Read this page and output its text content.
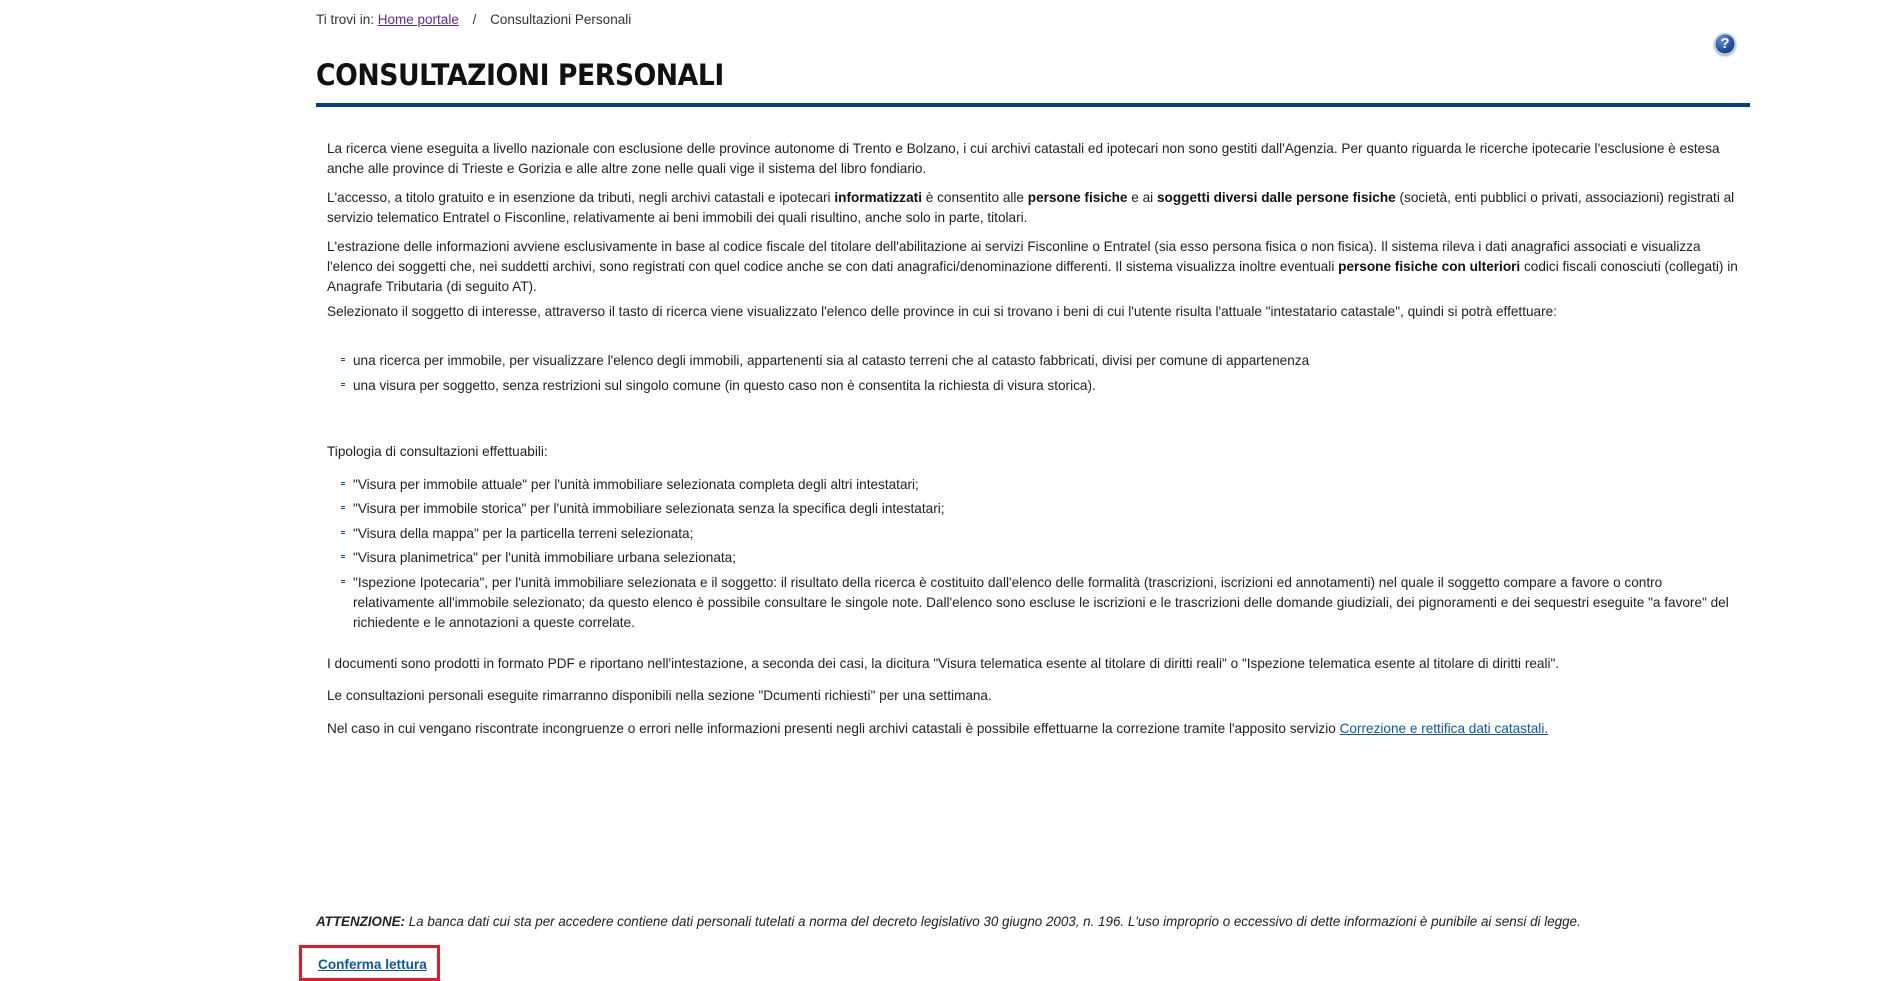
Ti trovi in: Home portale / Consultazioni Personali
?
CONSULTAZIONI PERSONALI
La ricerca viene eseguita a livello nazionale con esclusione delle province autonome di Trento e Bolzano, i cui archivi catastali ed ipotecari non sono gestiti dall'Agenzia. Per quanto riguarda le ricerche ipotecarie l'esclusione è estesa anche alle province di Trieste e Gorizia e alle altre zone nelle quali vige il sistema del libro fondiario.
L'accesso, a titolo gratuito e in esenzione da tributi, negli archivi catastali e ipotecari informatizzati è consentito alle persone fisiche e ai soggetti diversi dalle persone fisiche (società, enti pubblici o privati, associazioni) registrati al servizio telematico Entratel o Fisconline, relativamente ai beni immobili dei quali risultino, anche solo in parte, titolari.
L'estrazione delle informazioni avviene esclusivamente in base al codice fiscale del titolare dell'abilitazione ai servizi Fisconline o Entratel (sia esso persona fisica o non fisica). Il sistema rileva i dati anagrafici associati e visualizza l'elenco dei soggetti che, nei suddetti archivi, sono registrati con quel codice anche se con dati anagrafici/denominazione differenti. Il sistema visualizza inoltre eventuali persone fisiche con ulteriori codici fiscali conosciuti (collegati) in Anagrafe Tributaria (di seguito AT).
Selezionato il soggetto di interesse, attraverso il tasto di ricerca viene visualizzato l'elenco delle province in cui si trovano i beni di cui l'utente risulta l'attuale "intestatario catastale", quindi si potrà effettuare:
una ricerca per immobile, per visualizzare l'elenco degli immobili, appartenenti sia al catasto terreni che al catasto fabbricati, divisi per comune di appartenenza
una visura per soggetto, senza restrizioni sul singolo comune (in questo caso non è consentita la richiesta di visura storica).
Tipologia di consultazioni effettuabili:
"Visura per immobile attuale" per l'unità immobiliare selezionata completa degli altri intestatari;
"Visura per immobile storica" per l'unità immobiliare selezionata senza la specifica degli intestatari;
"Visura della mappa" per la particella terreni selezionata;
"Visura planimetrica" per l'unità immobiliare urbana selezionata;
"Ispezione Ipotecaria", per l'unità immobiliare selezionata e il soggetto: il risultato della ricerca è costituito dall'elenco delle formalità (trascrizioni, iscrizioni ed annotamenti) nel quale il soggetto compare a favore o contro relativamente all'immobile selezionato; da questo elenco è possibile consultare le singole note. Dall'elenco sono escluse le iscrizioni e le trascrizioni delle domande giudiziali, dei pignoramenti e dei sequestri eseguite "a favore" del richiedente e le annotazioni a queste correlate.
I documenti sono prodotti in formato PDF e riportano nell'intestazione, a seconda dei casi, la dicitura "Visura telematica esente al titolare di diritti reali" o "Ispezione telematica esente al titolare di diritti reali".
Le consultazioni personali eseguite rimarranno disponibili nella sezione "Dcumenti richiesti" per una settimana.
Nel caso in cui vengano riscontrate incongruenze o errori nelle informazioni presenti negli archivi catastali è possibile effettuarne la correzione tramite l'apposito servizio Correzione e rettifica dati catastali.
ATTENZIONE: La banca dati cui sta per accedere contiene dati personali tutelati a norma del decreto legislativo 30 giugno 2003, n. 196. L'uso improprio o eccessivo di dette informazioni è punibile ai sensi di legge.
Conferma lettura
